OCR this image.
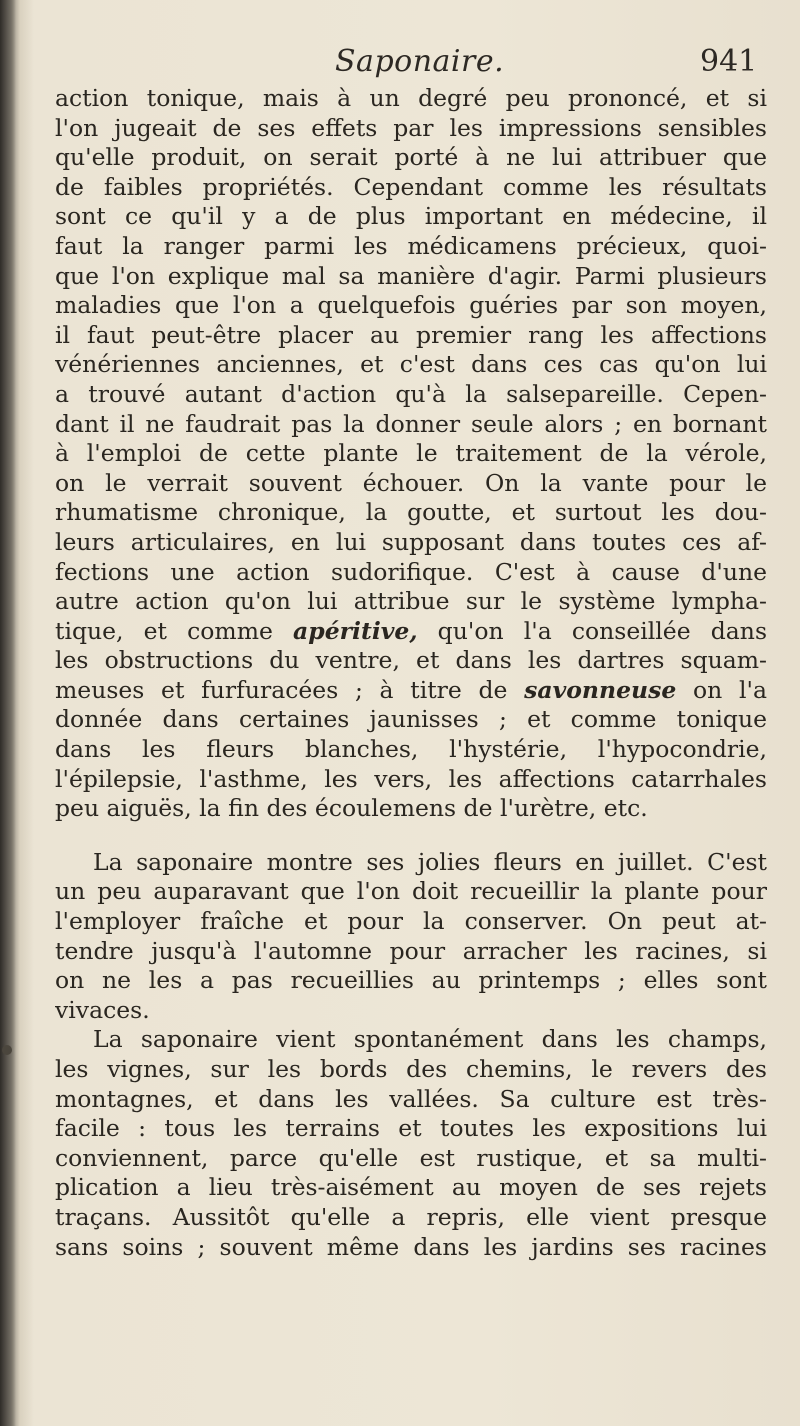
Saponaire.	941
action tonique, mais à un degré peu prononcé, et si
l'on jugeait de ses effets par les impressions sensibles
qu'elle produit, on serait porté à ne lui attribuer que
de faibles propriétés. Cependant comme les résultats
sont ce qu'il y a de plus important en médecine, il
faut la ranger parmi les médicamens précieux, quoi-
que l'on explique mal sa manière d'agir. Parmi plusieurs
maladies que l'on a quelquefois guéries par son moyen,
il faut peut-être placer au premier rang les affections
vénériennes anciennes, et c'est dans ces cas qu'on lui
a trouvé autant d'action qu'à la salsepareille. Cepen-
dant il ne faudrait pas la donner seule alors ; en bornant
à l'emploi de cette plante le traitement de la vérole,
on le verrait souvent échouer. On la vante pour le
rhumatisme chronique, la goutte, et surtout les dou-
leurs articulaires, en lui supposant dans toutes ces af-
fections une action sudorifique. C'est à cause d'une
autre action qu'on lui attribue sur le système lympha-
tique, et comme apéritive, qu'on l'a conseillée dans
les obstructions du ventre, et dans les dartres squam-
meuses et furfuracées ; à titre de savonneuse on l'a
donnée dans certaines jaunisses ; et comme tonique
dans les fleurs blanches, l'hystérie, l'hypocondrie,
l'épilepsie, l'asthme, les vers, les affections catarrhales
peu aiguës, la fin des écoulemens de l'urètre, etc.
La saponaire montre ses jolies fleurs en juillet. C'est
un peu auparavant que l'on doit recueillir la plante pour
l'employer fraîche et pour la conserver. On peut at-
tendre jusqu'à l'automne pour arracher les racines, si
on ne les a pas recueillies au printemps ; elles sont
vivaces.
La saponaire vient spontanément dans les champs,
les vignes, sur les bords des chemins, le revers des
montagnes, et dans les vallées. Sa culture est très-
facile : tous les terrains et toutes les expositions lui
conviennent, parce qu'elle est rustique, et sa multi-
plication a lieu très-aisément au moyen de ses rejets
traçans. Aussitôt qu'elle a repris, elle vient presque
sans soins ; souvent même dans les jardins ses racines
